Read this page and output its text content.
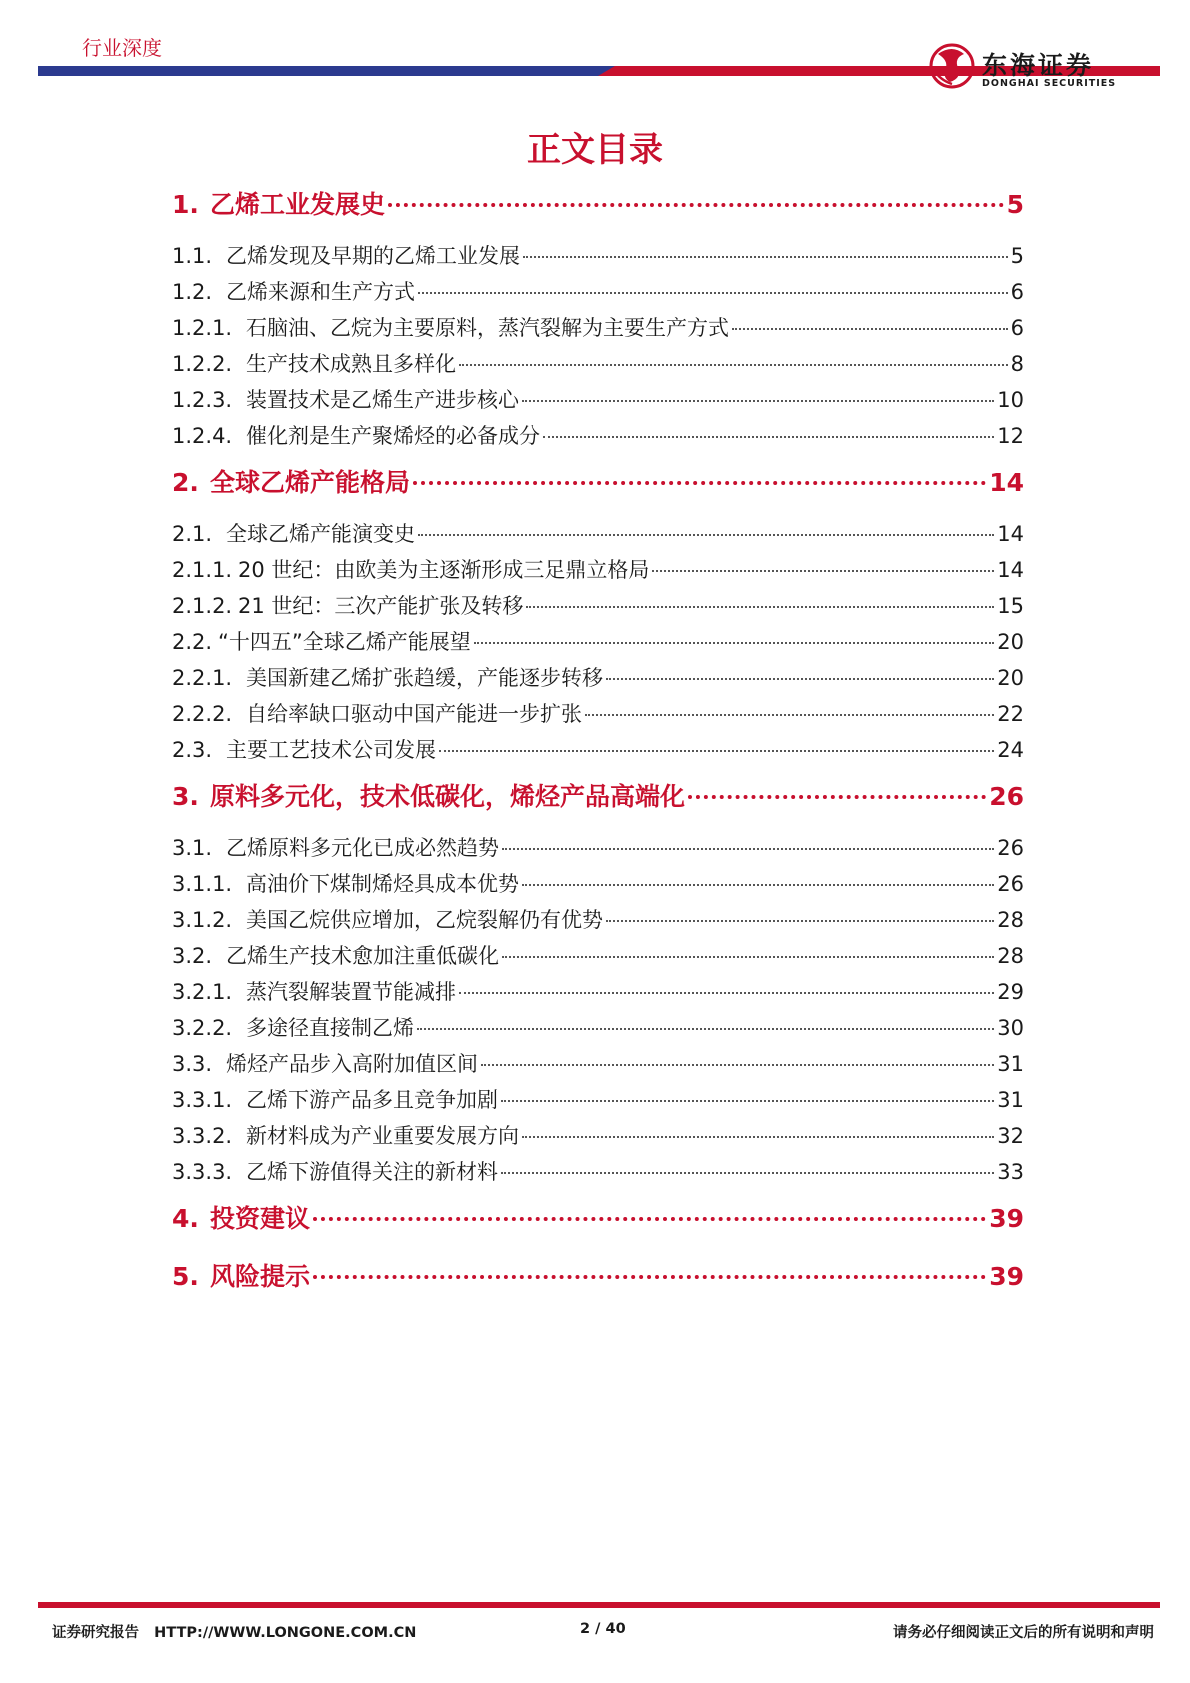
行业深度
东海证券
DONGHAI SECURITIES
正文目录
1. 乙烯工业发展史	5
1.1. 乙烯发现及早期的乙烯工业发展	5
1.2. 乙烯来源和生产方式	6
1.2.1. 石脑油、乙烷为主要原料，蒸汽裂解为主要生产方式	6
1.2.2. 生产技术成熟且多样化	8
1.2.3. 装置技术是乙烯生产进步核心	10
1.2.4. 催化剂是生产聚烯烃的必备成分	12
2. 全球乙烯产能格局	14
2.1. 全球乙烯产能演变史	14
2.1.1. 20 世纪：由欧美为主逐渐形成三足鼎立格局	14
2.1.2. 21 世纪：三次产能扩张及转移	15
2.2. “十四五”全球乙烯产能展望	20
2.2.1. 美国新建乙烯扩张趋缓，产能逐步转移	20
2.2.2. 自给率缺口驱动中国产能进一步扩张	22
2.3. 主要工艺技术公司发展	24
3. 原料多元化，技术低碳化，烯烃产品高端化	26
3.1. 乙烯原料多元化已成必然趋势	26
3.1.1. 高油价下煤制烯烃具成本优势	26
3.1.2. 美国乙烷供应增加，乙烷裂解仍有优势	28
3.2. 乙烯生产技术愈加注重低碳化	28
3.2.1. 蒸汽裂解装置节能减排	29
3.2.2. 多途径直接制乙烯	30
3.3. 烯烃产品步入高附加值区间	31
3.3.1. 乙烯下游产品多且竞争加剧	31
3.3.2. 新材料成为产业重要发展方向	32
3.3.3. 乙烯下游值得关注的新材料	33
4. 投资建议	39
5. 风险提示	39
证券研究报告   HTTP://WWW.LONGONE.COM.CN	2 / 40	请务必仔细阅读正文后的所有说明和声明
